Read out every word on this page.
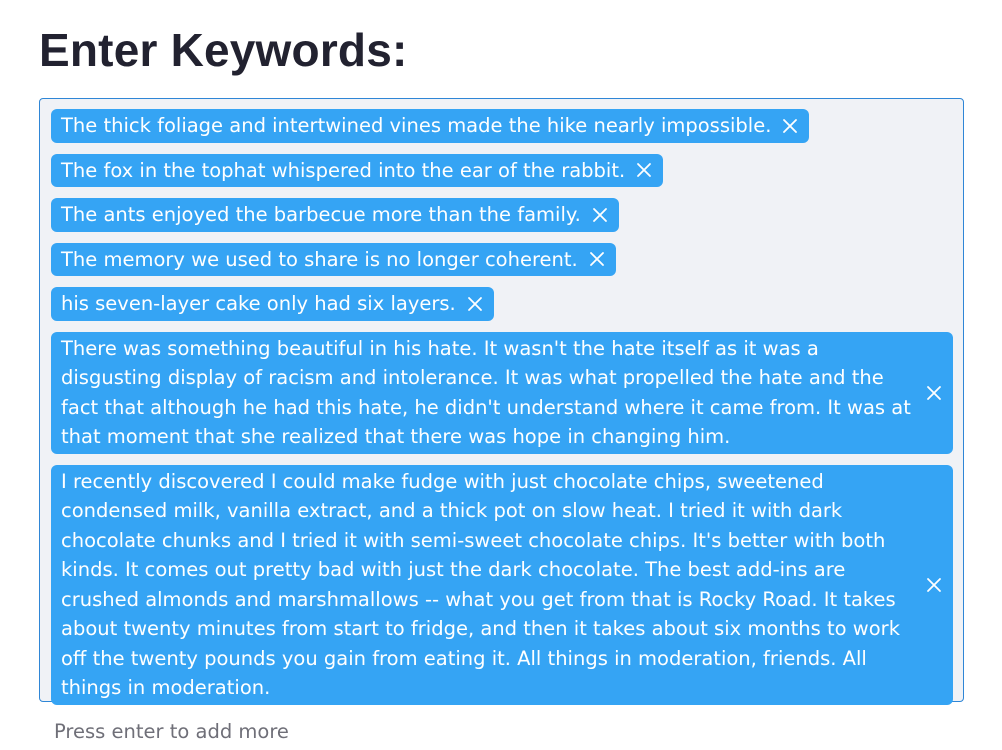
Enter Keywords:
The thick foliage and intertwined vines made the hike nearly impossible.
The fox in the tophat whispered into the ear of the rabbit.
The ants enjoyed the barbecue more than the family.
The memory we used to share is no longer coherent.
his seven-layer cake only had six layers.
There was something beautiful in his hate. It wasn't the hate itself as it was a disgusting display of racism and intolerance. It was what propelled the hate and the fact that although he had this hate, he didn't understand where it came from. It was at that moment that she realized that there was hope in changing him.
I recently discovered I could make fudge with just chocolate chips, sweetened condensed milk, vanilla extract, and a thick pot on slow heat. I tried it with dark chocolate chunks and I tried it with semi-sweet chocolate chips. It's better with both kinds. It comes out pretty bad with just the dark chocolate. The best add-ins are crushed almonds and marshmallows -- what you get from that is Rocky Road. It takes about twenty minutes from start to fridge, and then it takes about six months to work off the twenty pounds you gain from eating it. All things in moderation, friends. All things in moderation.
Press enter to add more
